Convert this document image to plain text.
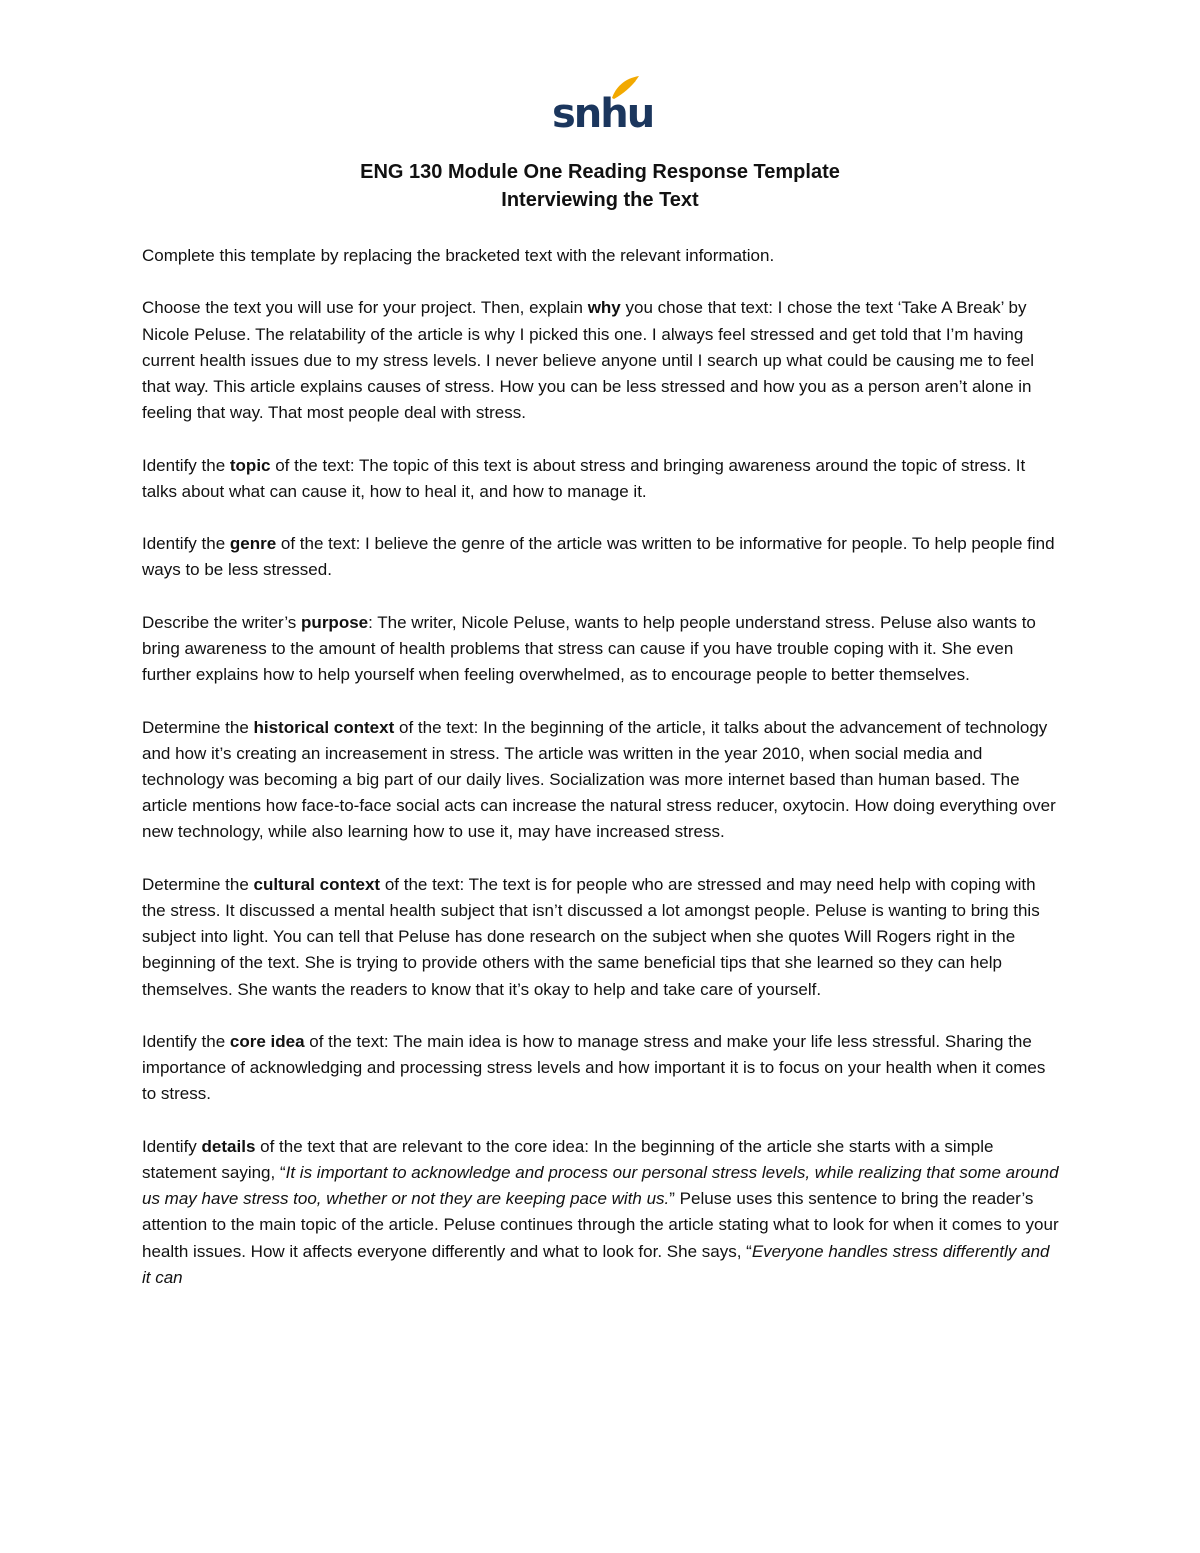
snhu

ENG 130 Module One Reading Response Template

Interviewing the Text

Complete this template by replacing the bracketed text with the relevant information.

Choose the text you will use for your project. Then, explain why you chose that text: I chose the text ‘Take A Break’ by Nicole Peluse. The relatability of the article is why I picked this one. I always feel stressed and get told that I’m having current health issues due to my stress levels. I never believe anyone until I search up what could be causing me to feel that way. This article explains causes of stress. How you can be less stressed and how you as a person aren’t alone in feeling that way. That most people deal with stress.

Identify the topic of the text: The topic of this text is about stress and bringing awareness around the topic of stress. It talks about what can cause it, how to heal it, and how to manage it.

Identify the genre of the text: I believe the genre of the article was written to be informative for people. To help people find ways to be less stressed.

Describe the writer’s purpose: The writer, Nicole Peluse, wants to help people understand stress. Peluse also wants to bring awareness to the amount of health problems that stress can cause if you have trouble coping with it. She even further explains how to help yourself when feeling overwhelmed, as to encourage people to better themselves.

Determine the historical context of the text: In the beginning of the article, it talks about the advancement of technology and how it’s creating an increasement in stress. The article was written in the year 2010, when social media and technology was becoming a big part of our daily lives. Socialization was more internet based than human based. The article mentions how face-to-face social acts can increase the natural stress reducer, oxytocin. How doing everything over new technology, while also learning how to use it, may have increased stress.

Determine the cultural context of the text: The text is for people who are stressed and may need help with coping with the stress. It discussed a mental health subject that isn’t discussed a lot amongst people. Peluse is wanting to bring this subject into light. You can tell that Peluse has done research on the subject when she quotes Will Rogers right in the beginning of the text. She is trying to provide others with the same beneficial tips that she learned so they can help themselves. She wants the readers to know that it’s okay to help and take care of yourself.

Identify the core idea of the text: The main idea is how to manage stress and make your life less stressful. Sharing the importance of acknowledging and processing stress levels and how important it is to focus on your health when it comes to stress.

Identify details of the text that are relevant to the core idea: In the beginning of the article she starts with a simple statement saying, “It is important to acknowledge and process our personal stress levels, while realizing that some around us may have stress too, whether or not they are keeping pace with us.” Peluse uses this sentence to bring the reader’s attention to the main topic of the article. Peluse continues through the article stating what to look for when it comes to your health issues. How it affects everyone differently and what to look for. She says, “Everyone handles stress differently and it can
